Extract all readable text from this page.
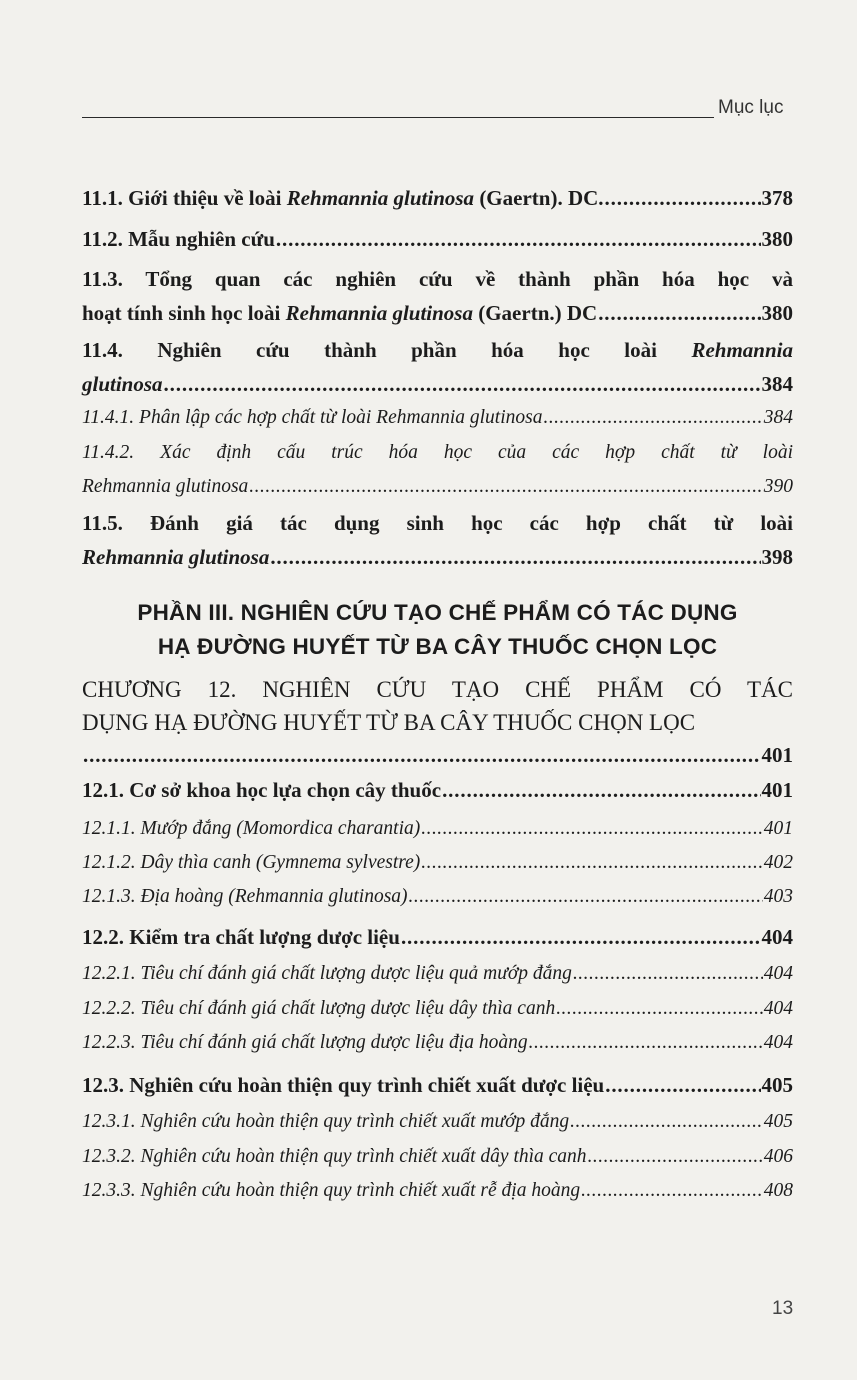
Mục lục
11.1. Giới thiệu về loài Rehmannia glutinosa (Gaertn). DC. . . .	378
11.2. Mẫu nghiên cứu . . .	380
11.3. Tổng quan các nghiên cứu về thành phần hóa học và
hoạt tính sinh học loài Rehmannia glutinosa (Gaertn.) DC . . .	380
11.4. Nghiên cứu thành phần hóa học loài Rehmannia
glutinosa . . .	384
11.4.1. Phân lập các hợp chất từ loài Rehmannia glutinosa . . .	384
11.4.2. Xác định cấu trúc hóa học của các hợp chất từ loài
Rehmannia glutinosa . . .	390
11.5. Đánh giá tác dụng sinh học các hợp chất từ loài
Rehmannia glutinosa . . .	398
PHẦN III. NGHIÊN CỨU TẠO CHẾ PHẨM CÓ TÁC DỤNG
HẠ ĐƯỜNG HUYẾT TỪ BA CÂY THUỐC CHỌN LỌC
CHƯƠNG 12. NGHIÊN CỨU TẠO CHẾ PHẨM CÓ TÁC
DỤNG HẠ ĐƯỜNG HUYẾT TỪ BA CÂY THUỐC CHỌN LỌC
. . .
401
12.1. Cơ sở khoa học lựa chọn cây thuốc . . .	401
12.1.1. Mướp đắng (Momordica charantia) . . .	401
12.1.2. Dây thìa canh (Gymnema sylvestre) . . .	402
12.1.3. Địa hoàng (Rehmannia glutinosa) . . .	403
12.2. Kiểm tra chất lượng dược liệu . . .	404
12.2.1. Tiêu chí đánh giá chất lượng dược liệu quả mướp đắng . . .	404
12.2.2. Tiêu chí đánh giá chất lượng dược liệu dây thìa canh . . .	404
12.2.3. Tiêu chí đánh giá chất lượng dược liệu địa hoàng . . .	404
12.3. Nghiên cứu hoàn thiện quy trình chiết xuất dược liệu . . .	405
12.3.1. Nghiên cứu hoàn thiện quy trình chiết xuất mướp đắng . . .	405
12.3.2. Nghiên cứu hoàn thiện quy trình chiết xuất dây thìa canh . . .	406
12.3.3. Nghiên cứu hoàn thiện quy trình chiết xuất rễ địa hoàng . . .	408
13
